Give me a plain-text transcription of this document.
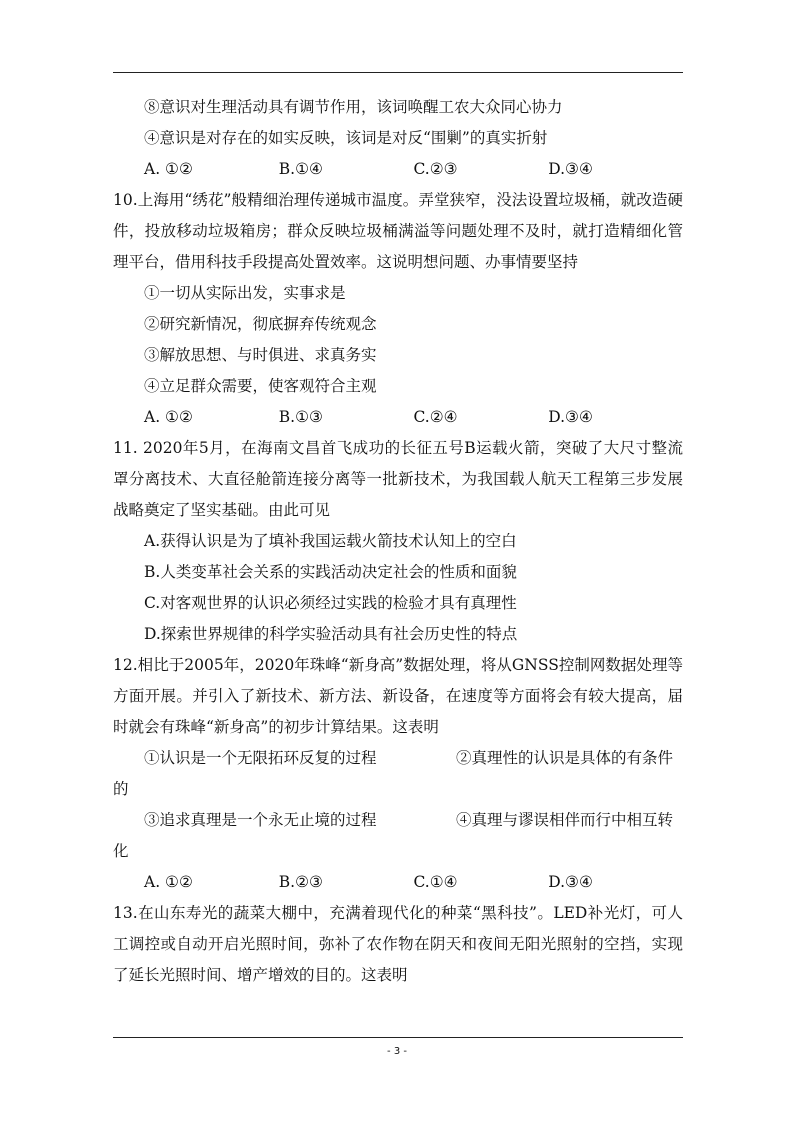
⑧意识对生理活动具有调节作用，该词唤醒工农大众同心协力
④意识是对存在的如实反映，该词是对反“围剿”的真实折射
A. ①②	B.①④	C.②③	D.③④
10.上海用“绣花”般精细治理传递城市温度。弄堂狭窄，没法设置垃圾桶，就改造硬件，投放移动垃圾箱房；群众反映垃圾桶满溢等问题处理不及时，就打造精细化管理平台，借用科技手段提高处置效率。这说明想问题、办事情要坚持
①一切从实际出发，实事求是
②研究新情况，彻底摒弃传统观念
③解放思想、与时俱进、求真务实
④立足群众需要，使客观符合主观
A. ①②	B.①③	C.②④	D.③④
11. 2020年5月，在海南文昌首飞成功的长征五号B运载火箭，突破了大尺寸整流罩分离技术、大直径舱箭连接分离等一批新技术，为我国载人航天工程第三步发展战略奠定了坚实基础。由此可见
A.获得认识是为了填补我国运载火箭技术认知上的空白
B.人类变革社会关系的实践活动决定社会的性质和面貌
C.对客观世界的认识必须经过实践的检验才具有真理性
D.探索世界规律的科学实验活动具有社会历史性的特点
12.相比于2005年，2020年珠峰“新身高”数据处理，将从GNSS控制网数据处理等方面开展。并引入了新技术、新方法、新设备，在速度等方面将会有较大提高，届时就会有珠峰“新身高”的初步计算结果。这表明
①认识是一个无限拓环反复的过程	②真理性的认识是具体的有条件
的
③追求真理是一个永无止境的过程	④真理与谬误相伴而行中相互转
化
A. ①②	B.②③	C.①④	D.③④
13.在山东寿光的蔬菜大棚中，充满着现代化的种菜“黑科技”。LED补光灯，可人工调控或自动开启光照时间，弥补了农作物在阴天和夜间无阳光照射的空挡，实现了延长光照时间、增产增效的目的。这表明
- 3 -
